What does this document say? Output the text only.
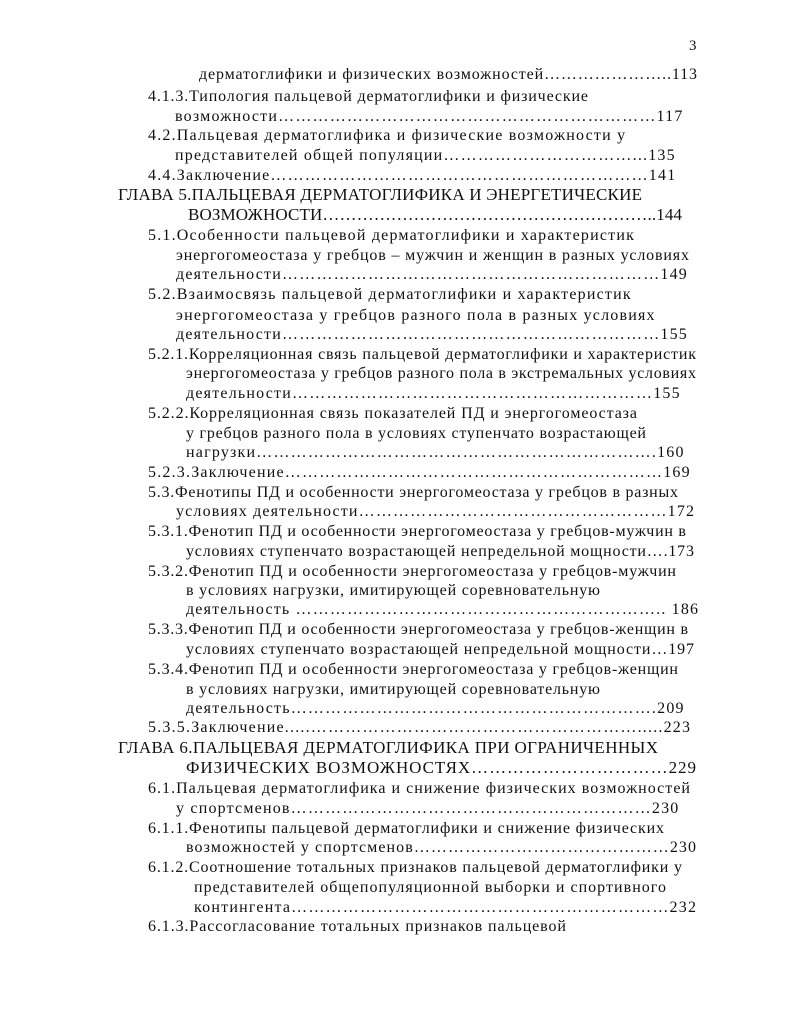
3
дерматоглифики и физических возможностей…………………..113
4.1.3.Типология пальцевой дерматоглифики и физические
возможности…………………………………………………………117
4.2.Пальцевая дерматоглифика и физические возможности у
представителей общей популяции……………………………...135
4.4.Заключение…………………………………………………………141
ГЛАВА 5.ПАЛЬЦЕВАЯ ДЕРМАТОГЛИФИКА И ЭНЕРГЕТИЧЕСКИЕ
ВОЗМОЖНОСТИ…………………………………………………..144
5.1.Особенности пальцевой дерматоглифики и характеристик
энергогомеостаза у гребцов – мужчин и женщин в разных условиях
деятельности…………………………………………………………149
5.2.Взаимосвязь пальцевой дерматоглифики и характеристик
энергогомеостаза у гребцов разного пола в разных условиях
деятельности…………………………………………………………155
5.2.1.Корреляционная связь пальцевой дерматоглифики и характеристик
энергогомеостаза у гребцов разного пола в экстремальных условиях
деятельности………………………………………………………155
5.2.2.Корреляционная связь показателей ПД и энергогомеостаза
у гребцов разного пола в условиях ступенчато возрастающей
нагрузки…………………………………………………………….160
5.2.3.Заключение…………………………………………………………169
5.3.Фенотипы ПД и особенности энергогомеостаза у гребцов в разных
условиях деятельности………………………………………………172
5.3.1.Фенотип ПД и особенности энергогомеостаза у гребцов-мужчин в
условиях ступенчато возрастающей непредельной мощности….173
5.3.2.Фенотип ПД и особенности энергогомеостаза у гребцов-мужчин
в условиях нагрузки, имитирующей соревновательную
деятельность ……………………………………………………….. 186
5.3.3.Фенотип ПД и особенности энергогомеостаза у гребцов-женщин в
условиях ступенчато возрастающей непредельной мощности…197
5.3.4.Фенотип ПД и особенности энергогомеостаза у гребцов-женщин
в условиях нагрузки, имитирующей соревновательную
деятельность……………………………………………………….209
5.3.5.Заключение.....………………………………………………….....223
ГЛАВА 6.ПАЛЬЦЕВАЯ ДЕРМАТОГЛИФИКА ПРИ ОГРАНИЧЕННЫХ
ФИЗИЧЕСКИХ ВОЗМОЖНОСТЯХ……………………………229
6.1.Пальцевая дерматоглифика и снижение физических возможностей
у спортсменов………………………………………………………230
6.1.1.Фенотипы пальцевой дерматоглифики и снижение физических
возможностей у спортсменов………………………………………230
6.1.2.Соотношение тотальных признаков пальцевой дерматоглифики у
представителей общепопуляционной выборки и спортивного
контингента…………………………………………………………232
6.1.3.Рассогласование тотальных признаков пальцевой
